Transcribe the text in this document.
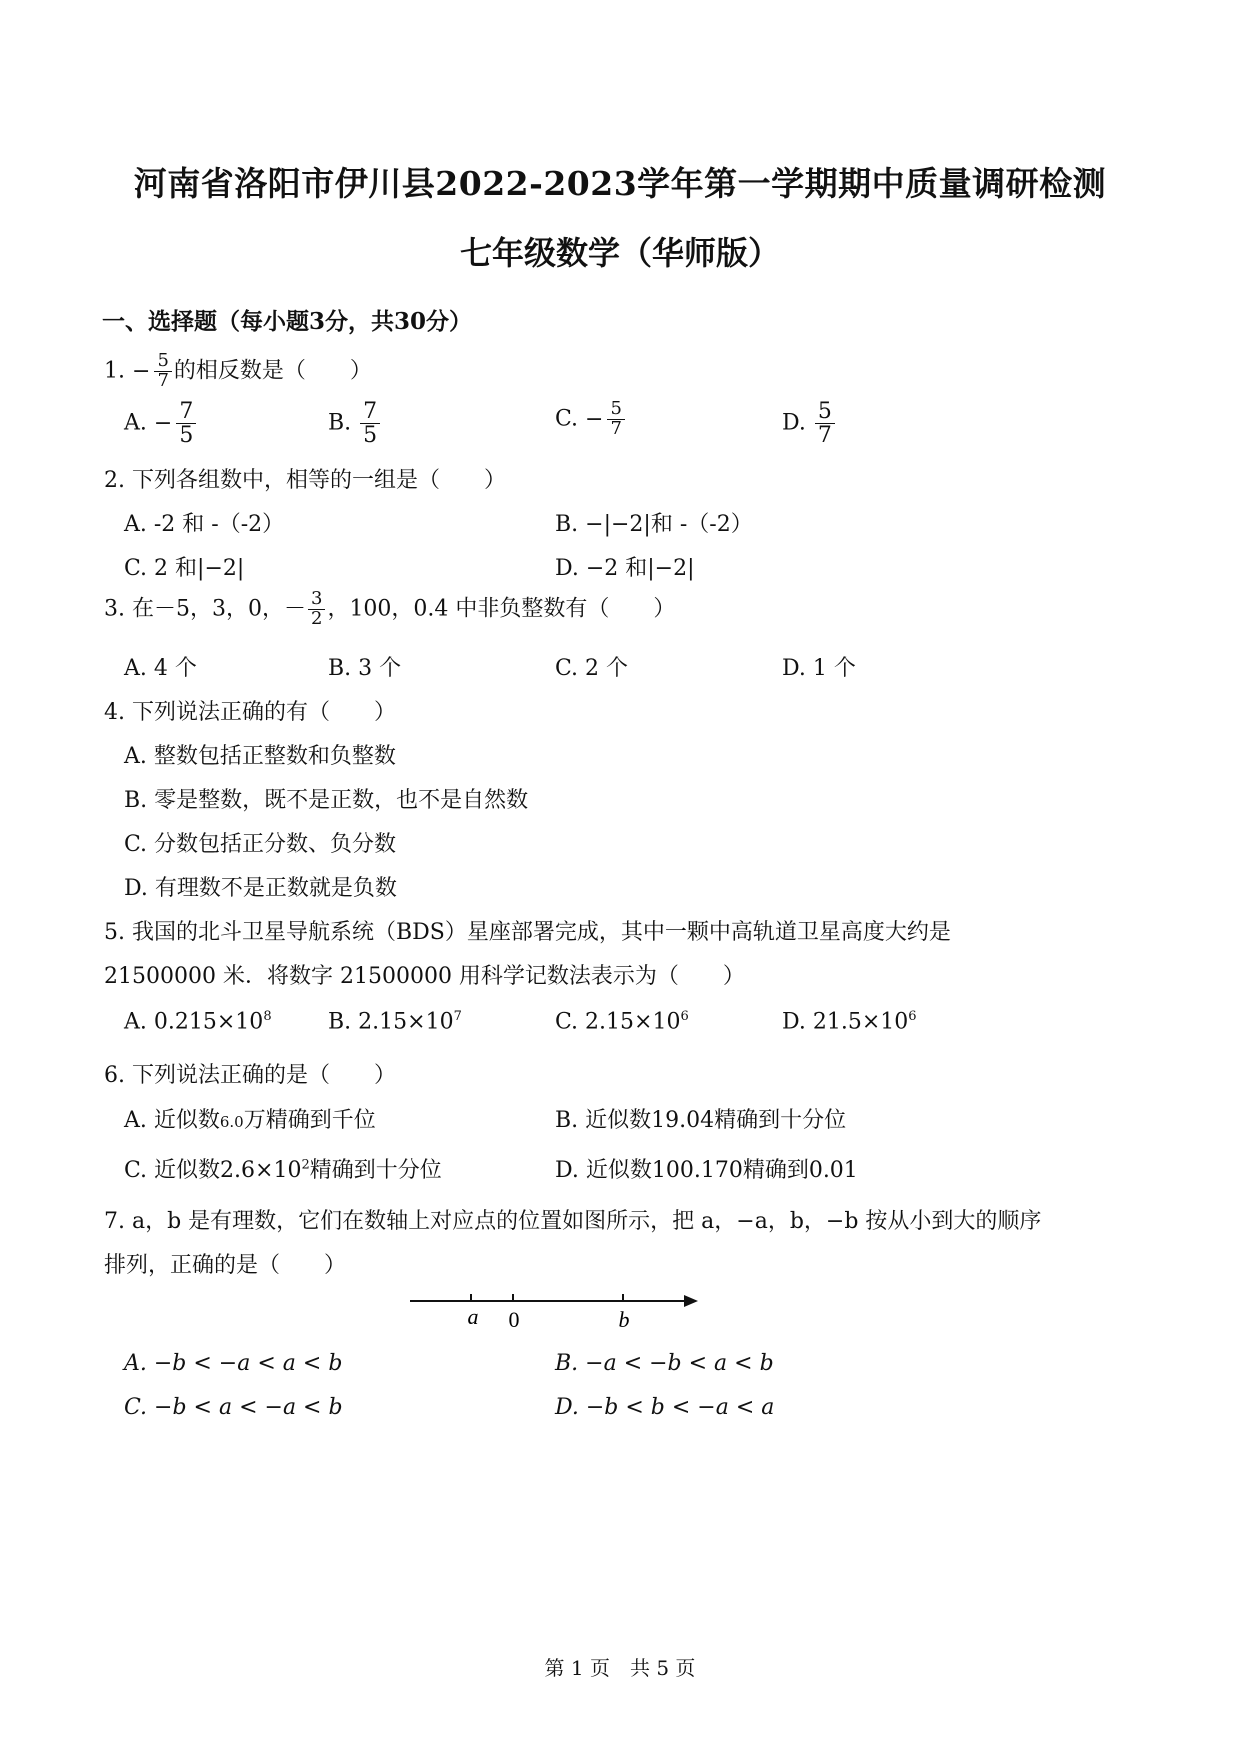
河南省洛阳市伊川县2022-2023学年第一学期期中质量调研检测
七年级数学（华师版）
一、选择题（每小题3分，共30分）
1. − $\frac{5}{7}$ 的相反数是（　　）
A. − $\frac{7}{5}$	B. $\frac{7}{5}$	C. − $\frac{5}{7}$	D. $\frac{5}{7}$
2. 下列各组数中，相等的一组是（　　）
A. -2 和 -（-2）	B. −|−2|和 -（-2）
C. 2 和|−2|	D. −2 和|−2|
3. 在－5，3，0，－ $\frac{3}{2}$ ，100，0.4 中非负整数有（　　）
A. 4 个	B. 3 个	C. 2 个	D. 1 个
4. 下列说法正确的有（　　）
A. 整数包括正整数和负整数
B. 零是整数，既不是正数，也不是自然数
C. 分数包括正分数、负分数
D. 有理数不是正数就是负数
5. 我国的北斗卫星导航系统（BDS）星座部署完成，其中一颗中高轨道卫星高度大约是
21500000 米．将数字 21500000 用科学记数法表示为（　　）
A. $0.215\times 10^8$	B. $2.15\times 10^7$	C. $2.15\times 10^6$	D. $21.5\times 10^6$
6. 下列说法正确的是（　　）
A. 近似数6.0万精确到千位	B. 近似数19.04精确到十分位
C. 近似数$2.6\times 10^2$精确到十分位	D. 近似数100.170精确到0.01
7. a，b 是有理数，它们在数轴上对应点的位置如图所示，把 a，−a，b，−b 按从小到大的顺序
排列，正确的是（　　）
a 0	b
A. −b < −a < a < b	B. −a < −b < a < b
C. −b < a < −a < b	D. −b < b < −a < a
第 1 页　共 5 页
